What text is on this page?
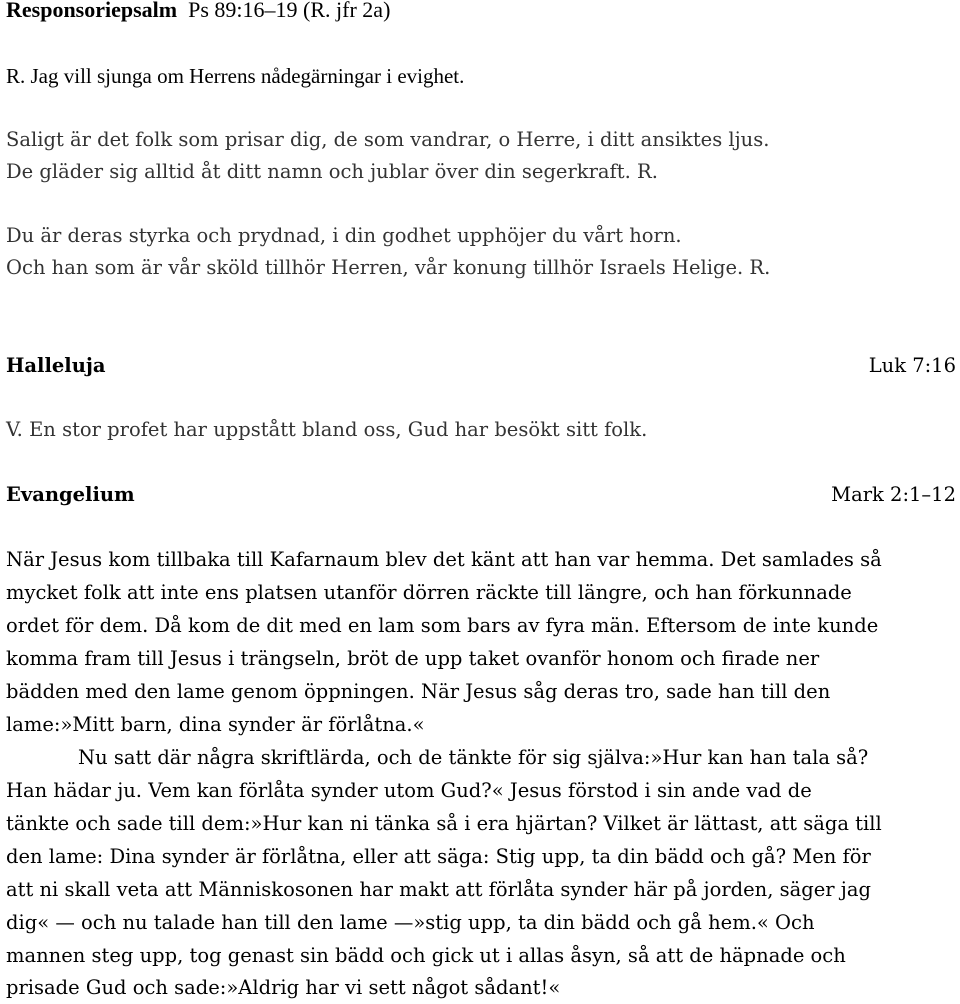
Responsoriepsalm Ps 89:16–19 (R. jfr 2a)
R. Jag vill sjunga om Herrens nådegärningar i evighet.
Saligt är det folk som prisar dig, de som vandrar, o Herre, i ditt ansiktes ljus.
De gläder sig alltid åt ditt namn och jublar över din segerkraft. R.
Du är deras styrka och prydnad, i din godhet upphöjer du vårt horn.
Och han som är vår sköld tillhör Herren, vår konung tillhör Israels Helige. R.
Halleluja	Luk 7:16
V. En stor profet har uppstått bland oss, Gud har besökt sitt folk.
Evangelium	Mark 2:1–12
När Jesus kom tillbaka till Kafarnaum blev det känt att han var hemma. Det samlades så
mycket folk att inte ens platsen utanför dörren räckte till längre, och han förkunnade
ordet för dem. Då kom de dit med en lam som bars av fyra män. Eftersom de inte kunde
komma fram till Jesus i trängseln, bröt de upp taket ovanför honom och firade ner
bädden med den lame genom öppningen. När Jesus såg deras tro, sade han till den
lame:»Mitt barn, dina synder är förlåtna.«
Nu satt där några skriftlärda, och de tänkte för sig själva:»Hur kan han tala så?
Han hädar ju. Vem kan förlåta synder utom Gud?« Jesus förstod i sin ande vad de
tänkte och sade till dem:»Hur kan ni tänka så i era hjärtan? Vilket är lättast, att säga till
den lame: Dina synder är förlåtna, eller att säga: Stig upp, ta din bädd och gå? Men för
att ni skall veta att Människosonen har makt att förlåta synder här på jorden, säger jag
dig« — och nu talade han till den lame —»stig upp, ta din bädd och gå hem.« Och
mannen steg upp, tog genast sin bädd och gick ut i allas åsyn, så att de häpnade och
prisade Gud och sade:»Aldrig har vi sett något sådant!«
